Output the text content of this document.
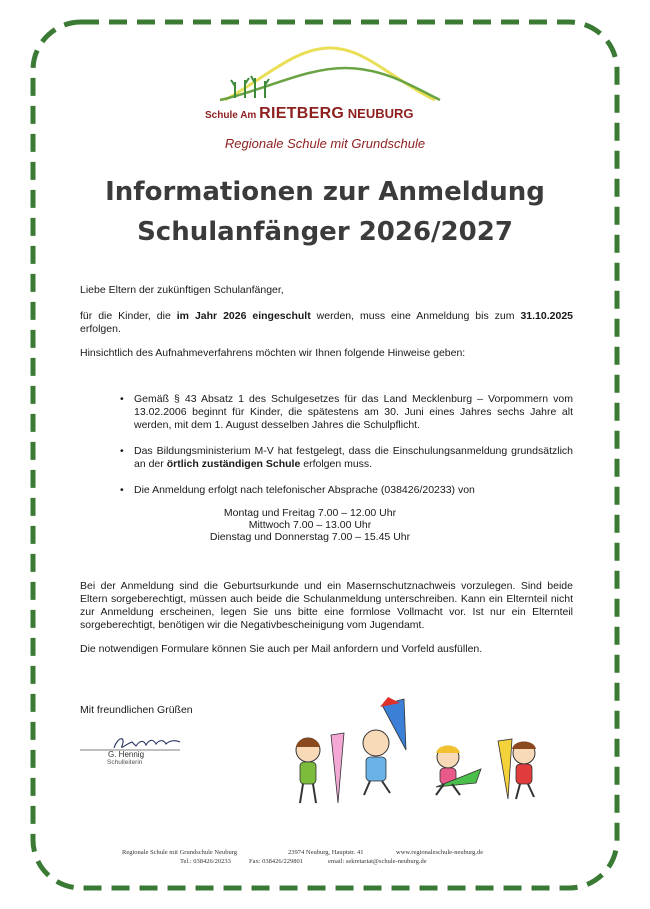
Schule Am RIETBERG NEUBURG
Regionale Schule mit Grundschule
Informationen zur Anmeldung
Schulanfänger 2026/2027
Liebe Eltern der zukünftigen Schulanfänger,
für die Kinder, die im Jahr 2026 eingeschult werden, muss eine Anmeldung bis zum 31.10.2025 erfolgen.
Hinsichtlich des Aufnahmeverfahrens möchten wir Ihnen folgende Hinweise geben:
• Gemäß § 43 Absatz 1 des Schulgesetzes für das Land Mecklenburg – Vorpommern vom 13.02.2006 beginnt für Kinder, die spätestens am 30. Juni eines Jahres sechs Jahre alt werden, mit dem 1. August desselben Jahres die Schulpflicht.
• Das Bildungsministerium M-V hat festgelegt, dass die Einschulungsanmeldung grundsätzlich an der örtlich zuständigen Schule erfolgen muss.
• Die Anmeldung erfolgt nach telefonischer Absprache (038426/20233) von
Montag und Freitag 7.00 – 12.00 Uhr
Mittwoch 7.00 – 13.00 Uhr
Dienstag und Donnerstag 7.00 – 15.45 Uhr
Bei der Anmeldung sind die Geburtsurkunde und ein Masernschutznachweis vorzulegen. Sind beide Eltern sorgeberechtigt, müssen auch beide die Schulanmeldung unterschreiben. Kann ein Elternteil nicht zur Anmeldung erscheinen, legen Sie uns bitte eine formlose Vollmacht vor. Ist nur ein Elternteil sorgeberechtigt, benötigen wir die Negativbescheinigung vom Jugendamt.
Die notwendigen Formulare können Sie auch per Mail anfordern und Vorfeld ausfüllen.
Mit freundlichen Grüßen
G. Hennig
Schulleiterin
Regionale Schule mit Grundschule Neuburg	23974 Neuburg, Hauptstr. 41	www.regionaleschule-neuburg.de
Tel.: 038426/20233	Fax: 038426/229801	email: sekretariat@schule-neuburg.de
